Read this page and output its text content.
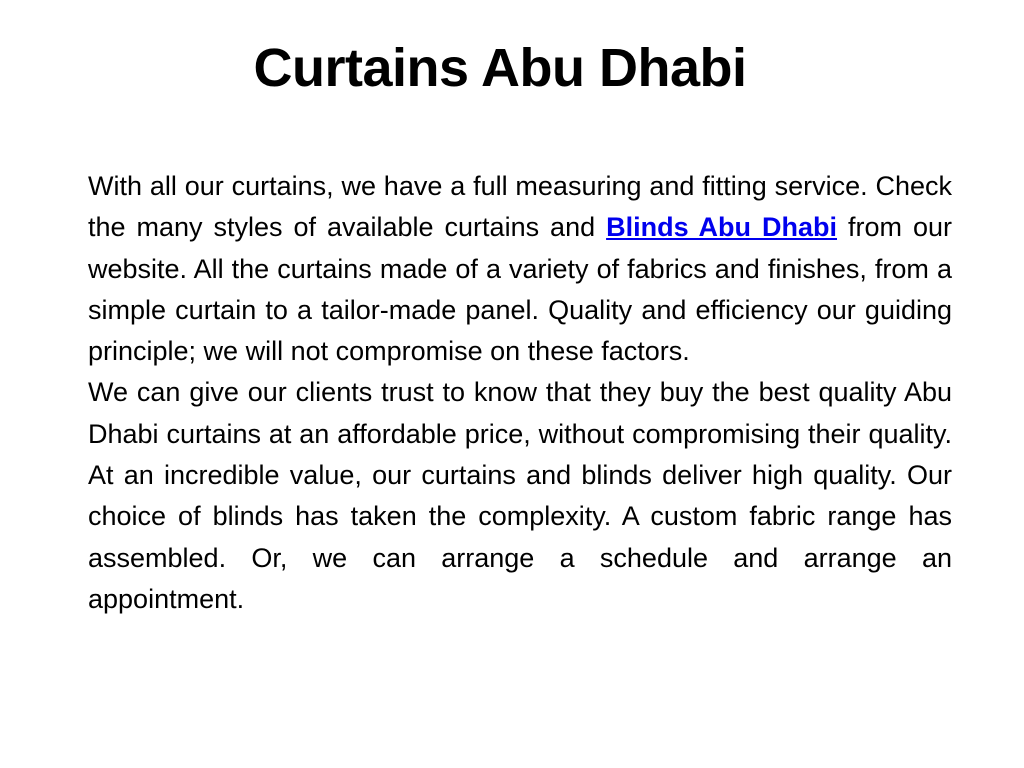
Curtains Abu Dhabi

With all our curtains, we have a full measuring and fitting service. Check the many styles of available curtains and Blinds Abu Dhabi from our website. All the curtains made of a variety of fabrics and finishes, from a simple curtain to a tailor-made panel. Quality and efficiency our guiding principle; we will not compromise on these factors.

We can give our clients trust to know that they buy the best quality Abu Dhabi curtains at an affordable price, without compromising their quality. At an incredible value, our curtains and blinds deliver high quality. Our choice of blinds has taken the complexity. A custom fabric range has assembled. Or, we can arrange a schedule and arrange an appointment.
